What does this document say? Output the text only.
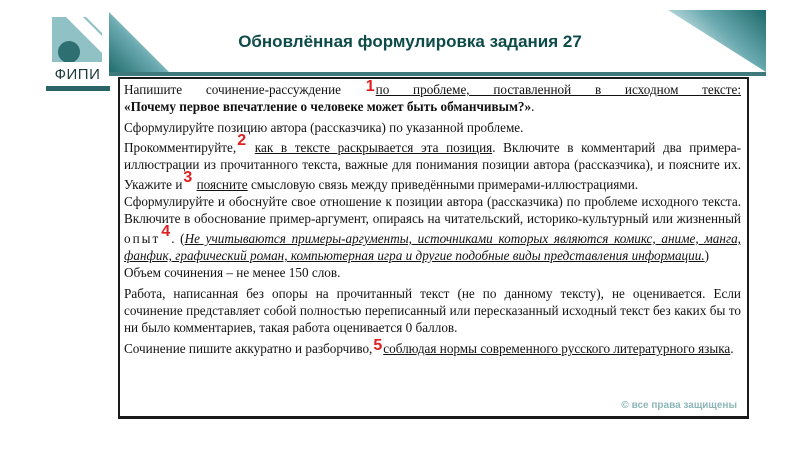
ФИПИ
Обновлённая формулировка задания 27

Напишите сочинение-рассуждение 1по проблеме, поставленной в исходном тексте:
«Почему первое впечатление о человеке может быть обманчивым?».

Сформулируйте позицию автора (рассказчика) по указанной проблеме.

Прокомментируйте,2 как в тексте раскрывается эта позиция. Включите в комментарий два примера-иллюстрации из прочитанного текста, важные для понимания позиции автора (рассказчика), и поясните их. Укажите и3 поясните смысловую связь между приведёнными примерами-иллюстрациями.

Сформулируйте и обоснуйте свое отношение к позиции автора (рассказчика) по проблеме исходного текста. Включите в обоснование пример-аргумент, опираясь на читательский, историко-культурный или жизненный опыт4. (Не учитываются примеры-аргументы, источниками которых являются комикс, аниме, манга, фанфик, графический роман, компьютерная игра и другие подобные виды представления информации.)

Объем сочинения – не менее 150 слов.

Работа, написанная без опоры на прочитанный текст (не по данному тексту), не оценивается. Если сочинение представляет собой полностью переписанный или пересказанный исходный текст без каких бы то ни было комментариев, такая работа оценивается 0 баллов.

Сочинение пишите аккуратно и разборчиво,5соблюдая нормы современного русского литературного языка.

© все права защищены
